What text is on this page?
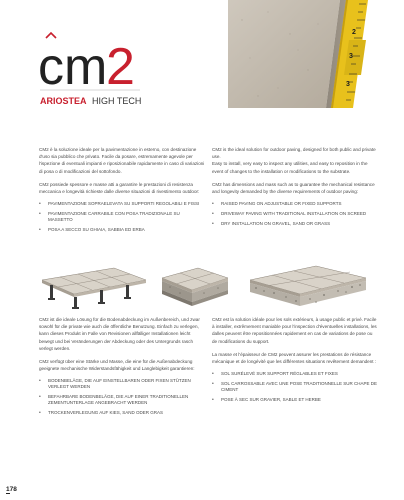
2
3
3
cm
2
ARIOSTEA HIGH TECH

CM2 è la soluzione ideale per la pavimentazione in esterno, con destinazione d'uso sia pubblico che privato. Facile da posare, estremamente agevole per l'ispezione di eventuali impianti e riposizionabile rapidamente in caso di variazioni di posa o di modificazioni del sottofondo.

CM2 possiede spessore e masse atti a garantire le prestazioni di resistenza meccanica e longevità richieste dalle diverse situazioni di rivestimento outdoor:

• PAVIMENTAZIONE SOPRAELEVATA SU SUPPORTI REGOLABILI E FISSI
• PAVIMENTAZIONE CARRABILE CON POSA TRADIZIONALE SU MASSETTO
• POSA A SECCO SU GHIAIA, SABBIA ED ERBA

CM2 is the ideal solution for outdoor paving, designed for both public and private use.

Easy to install, very easy to inspect any utilities, and easy to reposition in the event of changes to the installation or modifications to the substrate.

CM2 has dimensions and mass such as to guarantee the mechanical resistance and longevity demanded by the diverse requirements of outdoor paving:

• RAISED PAVING ON ADJUSTABLE OR FIXED SUPPORTS
• DRIVEWAY PAVING WITH TRADITIONAL INSTALLATION ON SCREED
• DRY INSTALLATION ON GRAVEL, SAND OR GRASS

CM2 ist die ideale Lösung für die Bodenabdeckung im Außenbereich, und zwar sowohl für die private wie auch die öffentliche Benutzung. Einfach zu verlegen, kann dieses Produkt im Falle von Revisionen allfälliger Installationen leicht bewegt und bei Veränderungen der Abdeckung oder des Untergrunds rasch verlegt werden.

CM2 verfügt über eine Stärke und Masse, die eine für die Außenabdeckung geeignete mechanische Widerstandsfähigkeit und Langlebigkeit garantieren:

• BODENBELÄGE, DIE AUF EINSTELLBAREN ODER FIXEN STÜTZEN VERLEGT WERDEN
• BEFAHRBARE BODENBELÄGE, DIE AUF EINER TRADITIONELLEN ZEMENTUNTERLAGE ANGEBRACHT WERDEN
• TROCKENVERLEGUNG AUF KIES, SAND ODER GRAS

CM2 est la solution idéale pour les sols extérieurs, à usage public et privé. Facile à installer, extrêmement maniable pour l'inspection d'éventuelles installations, les dalles peuvent être repositionnées rapidement en cas de variations de pose ou de modifications du support.

La masse et l'épaisseur de CM2 peuvent assurer les prestations de résistance mécanique et de longévité que les différentes situations revêtement demandent :

• SOL SURÉLEVÉ SUR SUPPORT RÉGLABLES ET FIXES
• SOL CARROSSABLE AVEC UNE POSE TRADITIONNELLE SUR CHAPE DE CIMENT
• POSE À SEC SUR GRAVIER, SABLE ET HERBE
178
